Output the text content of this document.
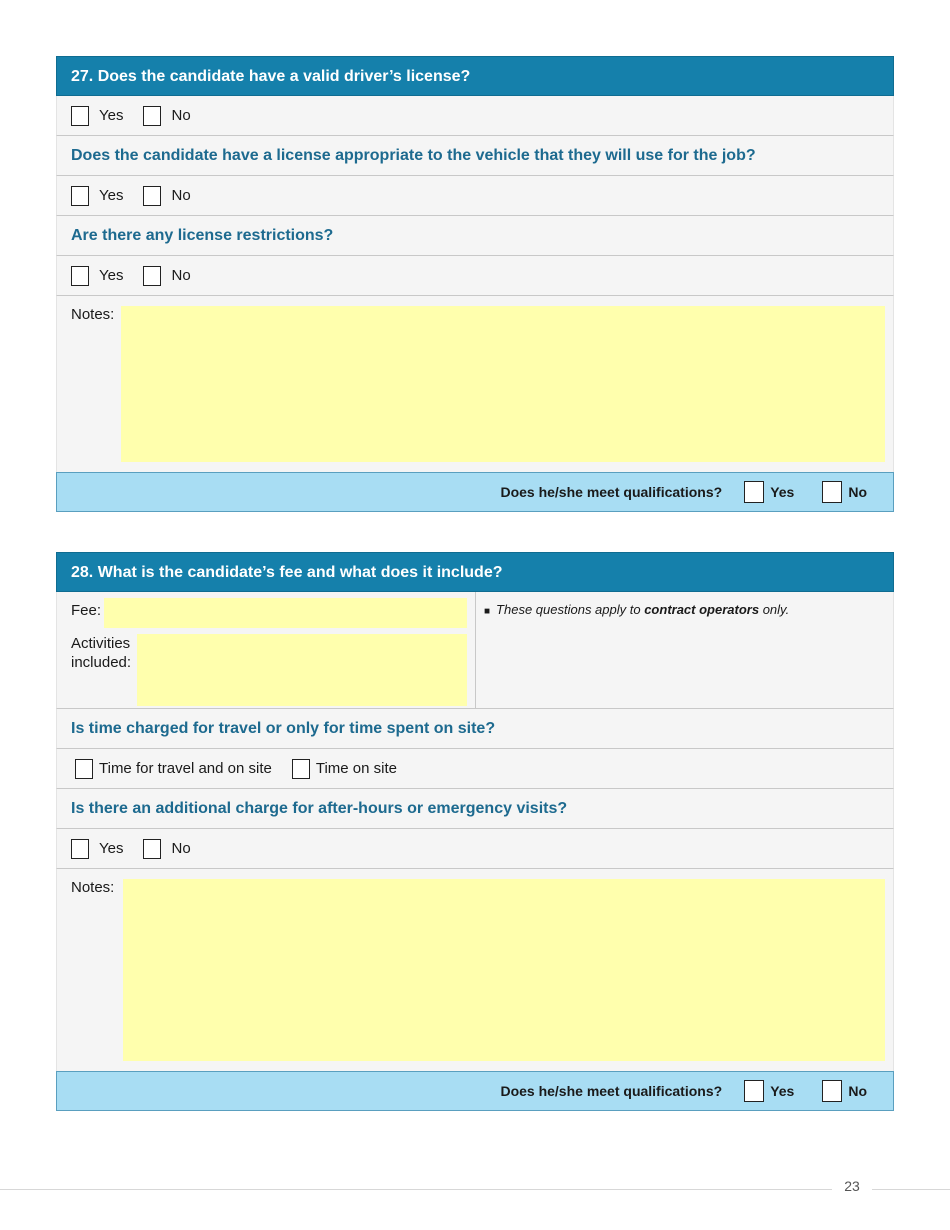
27. Does the candidate have a valid driver’s license?
Yes	No
Does the candidate have a license appropriate to the vehicle that they will use for the job?
Yes	No
Are there any license restrictions?
Yes	No
Notes:
Does he/she meet qualifications?	Yes	No
28. What is the candidate’s fee and what does it include?
Fee:
Activities included:
■ These questions apply to contract operators only.
Is time charged for travel or only for time spent on site?
Time for travel and on site	Time on site
Is there an additional charge for after-hours or emergency visits?
Yes	No
Notes:
Does he/she meet qualifications?	Yes	No
23
